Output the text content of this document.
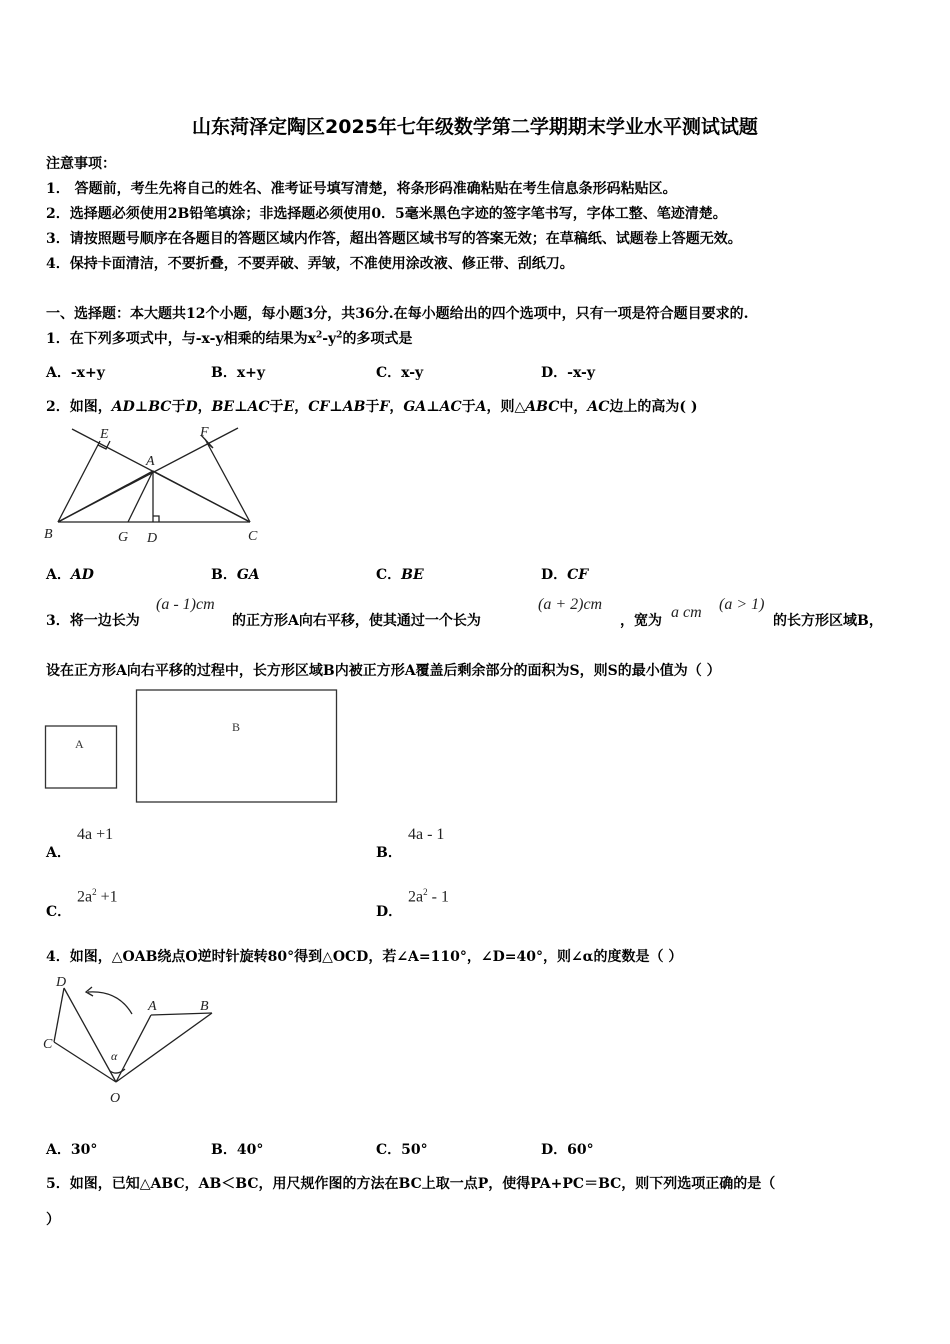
山东菏泽定陶区2025年七年级数学第二学期期末学业水平测试试题
注意事项：
1． 答题前，考生先将自己的姓名、准考证号填写清楚，将条形码准确粘贴在考生信息条形码粘贴区。
2．选择题必须使用2B铅笔填涂；非选择题必须使用0．5毫米黑色字迹的签字笔书写，字体工整、笔迹清楚。
3．请按照题号顺序在各题目的答题区域内作答，超出答题区域书写的答案无效；在草稿纸、试题卷上答题无效。
4．保持卡面清洁，不要折叠，不要弄破、弄皱，不准使用涂改液、修正带、刮纸刀。
一、选择题：本大题共12个小题，每小题3分，共36分.在每小题给出的四个选项中，只有一项是符合题目要求的.
1．在下列多项式中，与-x-y相乘的结果为$x^2-y^2$的多项式是
A．-x+y	B．x+y	C．x-y	D．-x-y
2．如图，AD⊥BC于D，BE⊥AC于E，CF⊥AB于F，GA⊥AC于A，则△ABC中，AC边上的高为( )
E	F
A
B	G D	C
A．AD	B．GA	C．BE	D．CF
3．将一边长为
(a - 1)cm
的正方形A向右平移，使其通过一个长为
(a + 2)cm
，宽为 a cm (a > 1)
的长方形区域B，
设在正方形A向右平移的过程中，长方形区域B内被正方形A覆盖后剩余部分的面积为S，则S的最小值为（ ）
A
B
A．
4a +1
B．
4a - 1
C．
$2a^2 +1$
D．
$2a^2 - 1$
4．如图，△OAB绕点O逆时针旋转80°得到△OCD，若∠A=110°，∠D=40°，则∠α的度数是（ ）
D
A	B
C
α
O
A．30°	B．40°	C．50°	D．60°
5．如图，已知△ABC，AB＜BC，用尺规作图的方法在BC上取一点P，使得PA+PC＝BC，则下列选项正确的是（
）
